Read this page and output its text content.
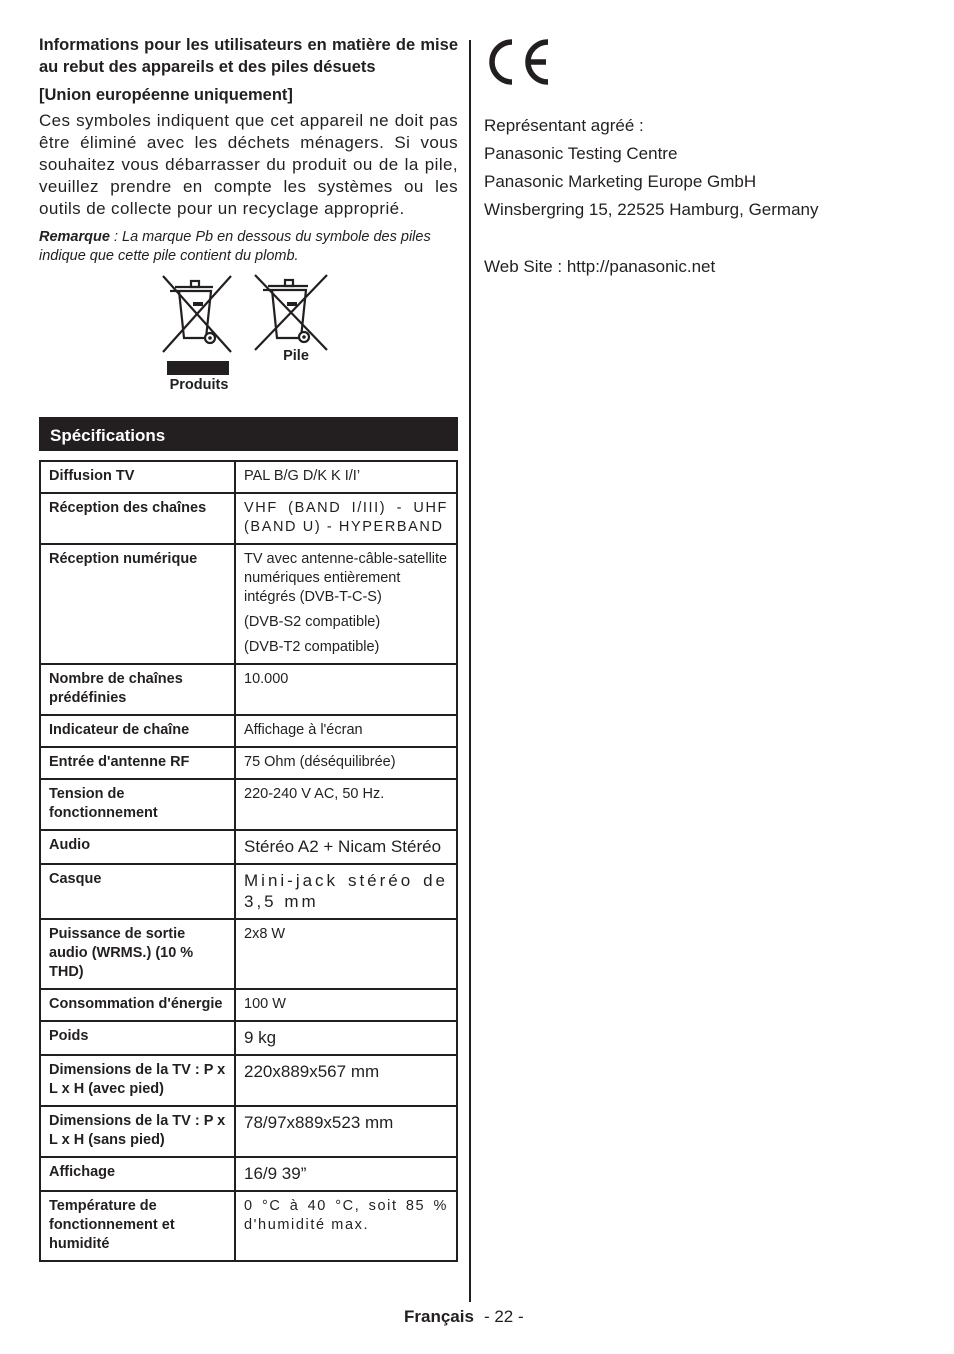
Informations pour les utilisateurs en matière de mise au rebut des appareils et des piles désuets

[Union européenne uniquement]

Ces symboles indiquent que cet appareil ne doit pas être éliminé avec les déchets ménagers. Si vous souhaitez vous débarrasser du produit ou de la pile, veuillez prendre en compte les systèmes ou les outils de collecte pour un recyclage approprié.

Remarque : La marque Pb en dessous du symbole des piles indique que cette pile contient du plomb.

Produits
Pile
Spécifications
Diffusion TV	PAL B/G D/K K I/I’

Réception des chaînes	VHF (BAND I/III) - UHF (BAND U) - HYPERBAND

Réception numérique	TV avec antenne-câble-satellite numériques entièrement intégrés (DVB-T-C-S)
(DVB-S2 compatible)
(DVB-T2 compatible)

Nombre de chaînes prédéfinies	10.000

Indicateur de chaîne	Affichage à l'écran

Entrée d'antenne RF	75 Ohm (déséquilibrée)

Tension de fonctionnement	220-240 V AC, 50 Hz.

Audio	Stéréo A2 + Nicam Stéréo

Casque	Mini-jack stéréo de 3,5 mm

Puissance de sortie audio (WRMS.) (10 % THD)	2x8 W

Consommation d'énergie	100 W

Poids	9 kg

Dimensions de la TV : P x L x H (avec pied)	220x889x567 mm

Dimensions de la TV : P x L x H (sans pied)	78/97x889x523 mm

Affichage	16/9 39”

Température de fonctionnement et humidité	0 °C à 40 °C, soit 85 % d'humidité max.

Représentant agréé :

Panasonic Testing Centre

Panasonic Marketing Europe GmbH

Winsbergring 15, 22525 Hamburg, Germany

Web Site : http://panasonic.net

Français - 22 -
